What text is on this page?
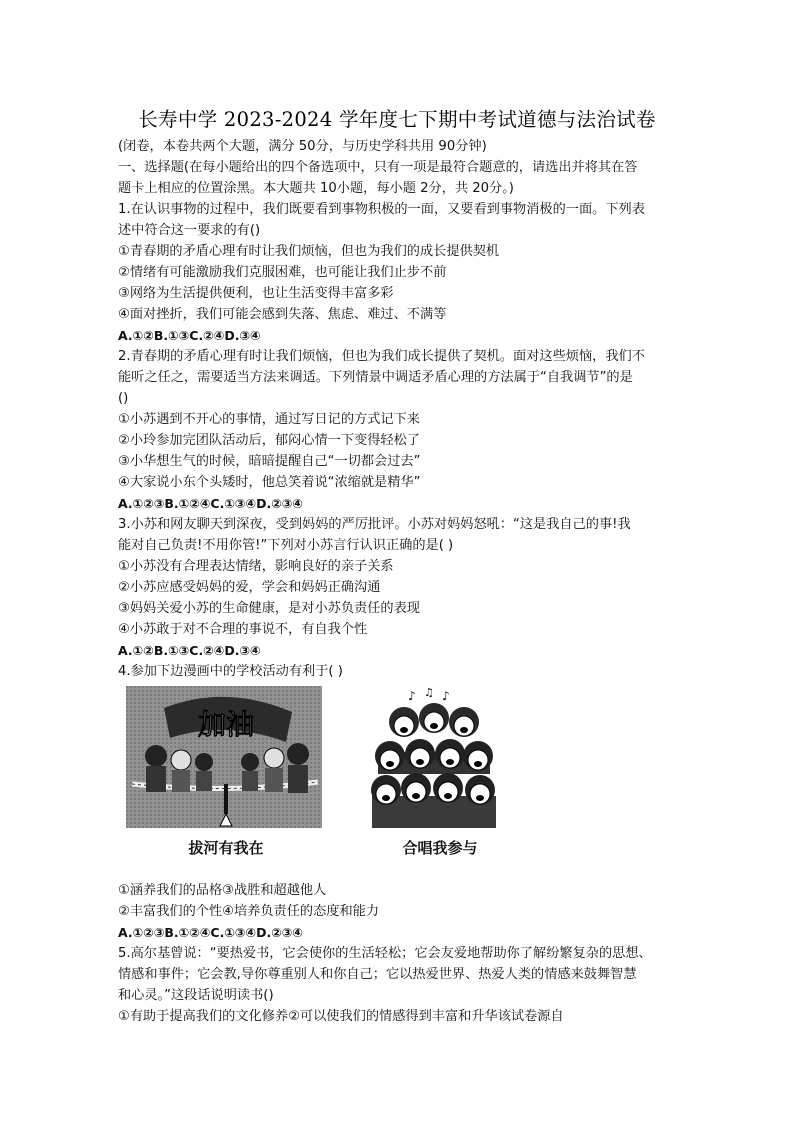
长寿中学 2023-2024 学年度七下期中考试道德与法治试卷
(闭卷，本卷共两个大题，满分 50分，与历史学科共用 90分钟)
一、选择题(在每小题给出的四个备选项中，只有一项是最符合题意的，请选出并将其在答
题卡上相应的位置涂黑。本大题共 10小题，每小题 2分，共 20分。)
1.在认识事物的过程中，我们既要看到事物积极的一面，又要看到事物消极的一面。下列表
述中符合这一要求的有()
①青春期的矛盾心理有时让我们烦恼，但也为我们的成长提供契机
②情绪有可能激励我们克服困难，也可能让我们止步不前
③网络为生活提供便利，也让生活变得丰富多彩
④面对挫折，我们可能会感到失落、焦虑、难过、不满等
A.①②B.①③C.②④D.③④
2.青春期的矛盾心理有时让我们烦恼，但也为我们成长提供了契机。面对这些烦恼，我们不
能听之任之，需要适当方法来调适。下列情景中调适矛盾心理的方法属于“自我调节”的是
()
①小苏遇到不开心的事情，通过写日记的方式记下来
②小玲参加完团队活动后，郁闷心情一下变得轻松了
③小华想生气的时候，暗暗提醒自己“一切都会过去”
④大家说小东个头矮时，他总笑着说“浓缩就是精华”
A.①②③B.①②④C.①③④D.②③④
3.小苏和网友聊天到深夜，受到妈妈的严厉批评。小苏对妈妈怒吼：“这是我自己的事!我
能对自己负责!不用你管!”下列对小苏言行认识正确的是( )
①小苏没有合理表达情绪，影响良好的亲子关系
②小苏应感受妈妈的爱，学会和妈妈正确沟通
③妈妈关爱小苏的生命健康，是对小苏负责任的表现
④小苏敢于对不合理的事说不，有自我个性
A.①②B.①③C.②④D.③④
4.参加下边漫画中的学校活动有利于( )
加油
拔河有我在
♪ ♫ ♪
合唱我参与
①涵养我们的品格③战胜和超越他人
②丰富我们的个性④培养负责任的态度和能力
A.①②③B.①②④C.①③④D.②③④
5.高尔基曾说：“要热爱书，它会使你的生活轻松；它会友爱地帮助你了解纷繁复杂的思想、
情感和事件；它会教,导你尊重别人和你自己；它以热爱世界、热爱人类的情感来鼓舞智慧
和心灵。”这段话说明读书()
①有助于提高我们的文化修养②可以使我们的情感得到丰富和升华该试卷源自
